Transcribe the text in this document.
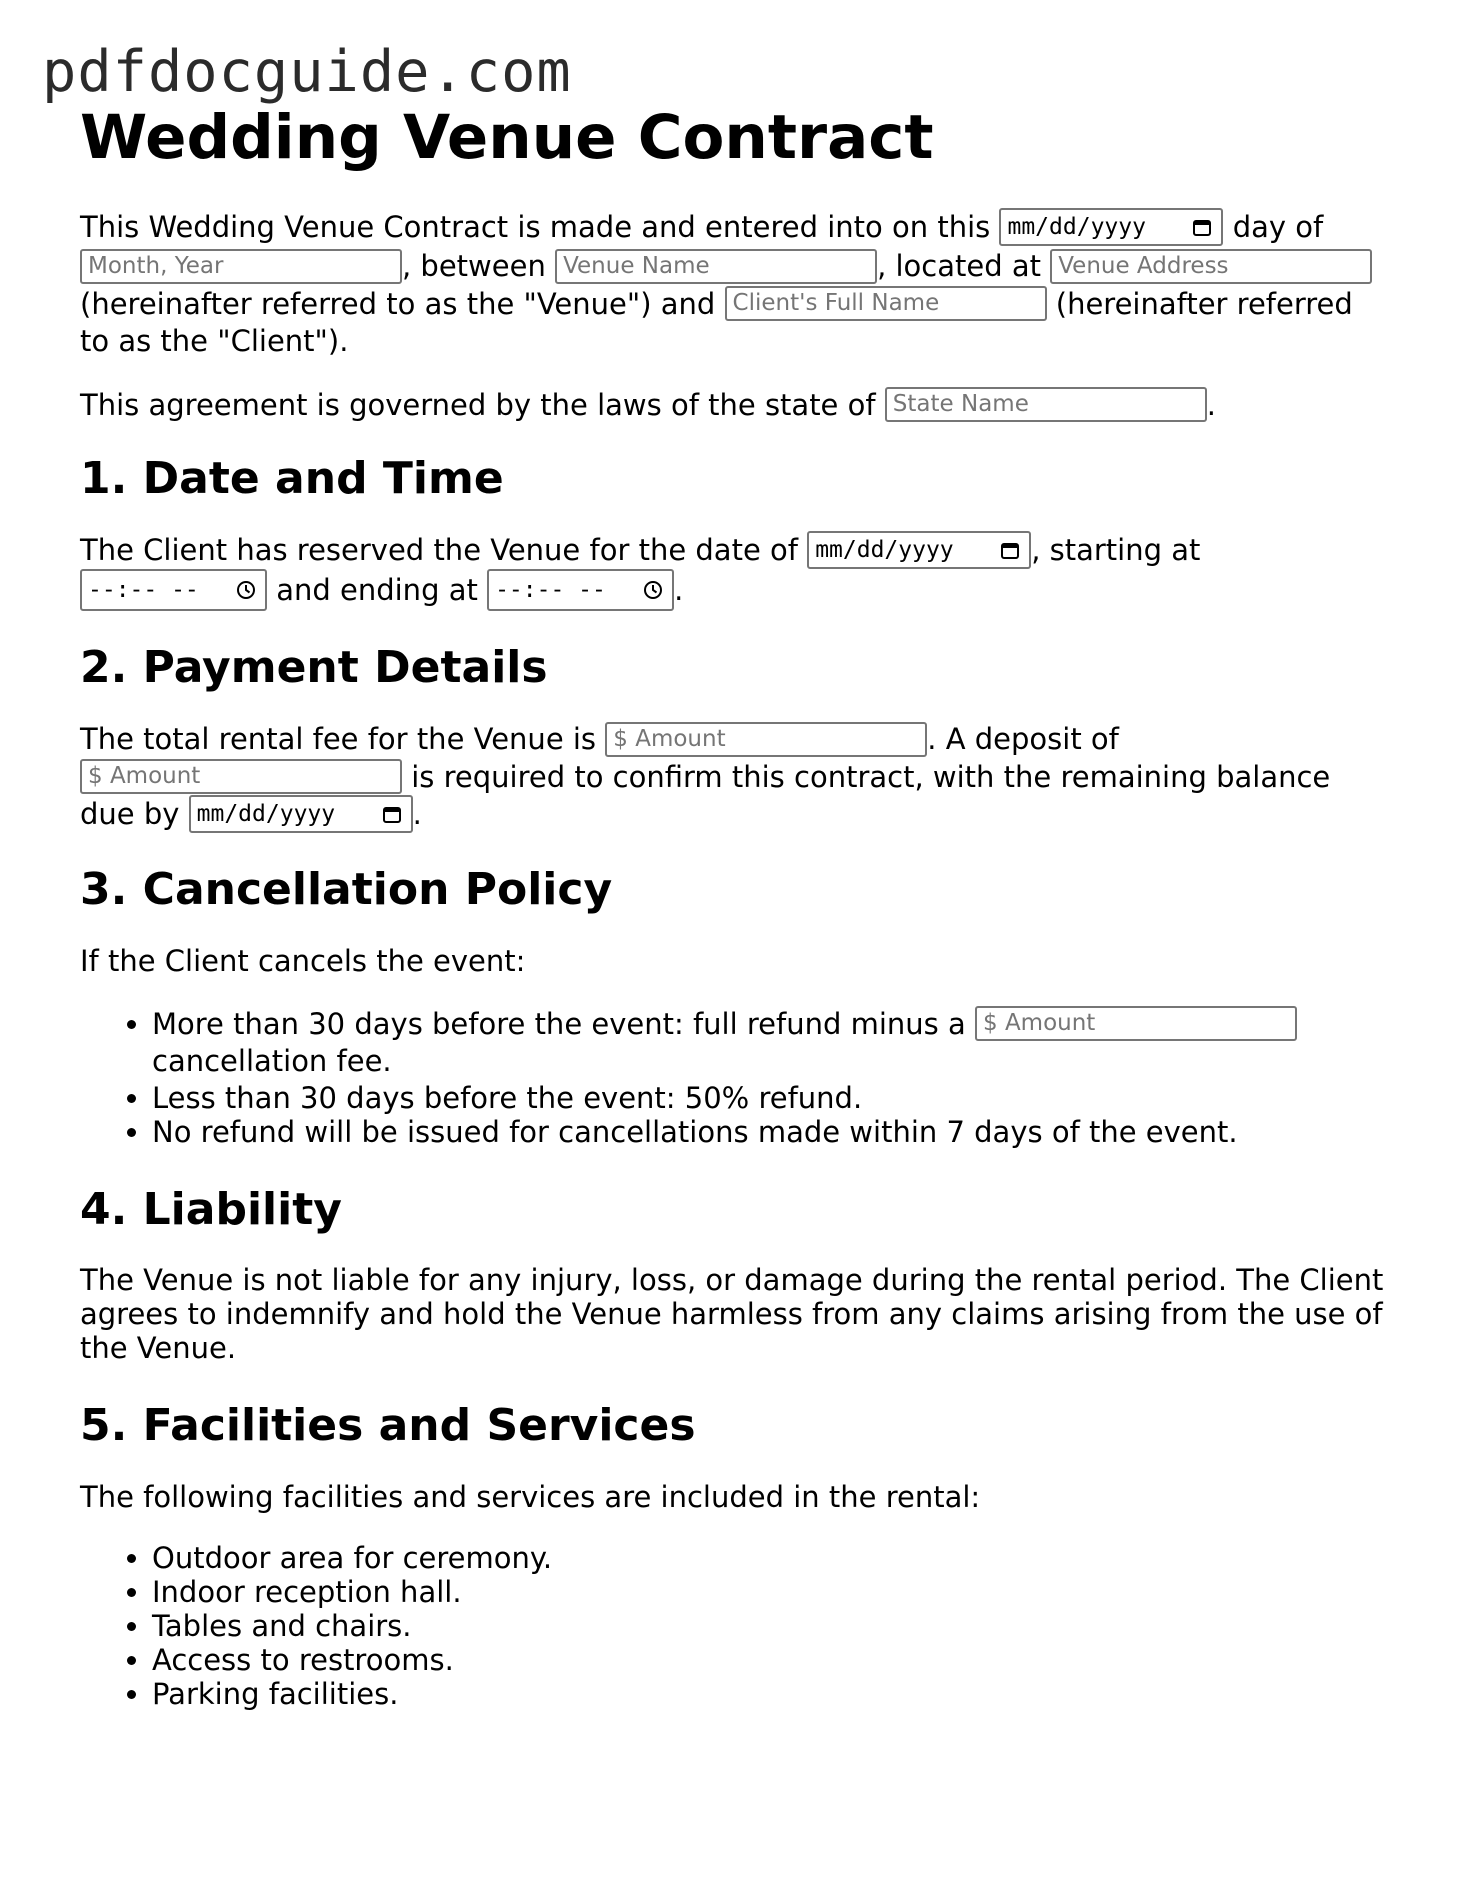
pdfdocguide.com
Wedding Venue Contract

This Wedding Venue Contract is made and entered into on this mm/dd/yyyy	day of Month, Year	, between Venue Name	, located at Venue Address (hereinafter referred to as the "Venue") and Client's Full Name	(hereinafter referred to as the "Client").

This agreement is governed by the laws of the state of State Name	.

1. Date and Time

The Client has reserved the Venue for the date of mm/dd/yyyy	, starting at --:-- --	and ending at --:-- -- .

2. Payment Details

The total rental fee for the Venue is $ Amount	. A deposit of $ Amount	is required to confirm this contract, with the remaining balance due by mm/dd/yyyy	.

3. Cancellation Policy

If the Client cancels the event:

• More than 30 days before the event: full refund minus a $ Amount cancellation fee.
• Less than 30 days before the event: 50% refund.
• No refund will be issued for cancellations made within 7 days of the event.
4. Liability

The Venue is not liable for any injury, loss, or damage during the rental period. The Client agrees to indemnify and hold the Venue harmless from any claims arising from the use of the Venue.

5. Facilities and Services

The following facilities and services are included in the rental:

• Outdoor area for ceremony.
• Indoor reception hall.
• Tables and chairs.
• Access to restrooms.
• Parking facilities.
